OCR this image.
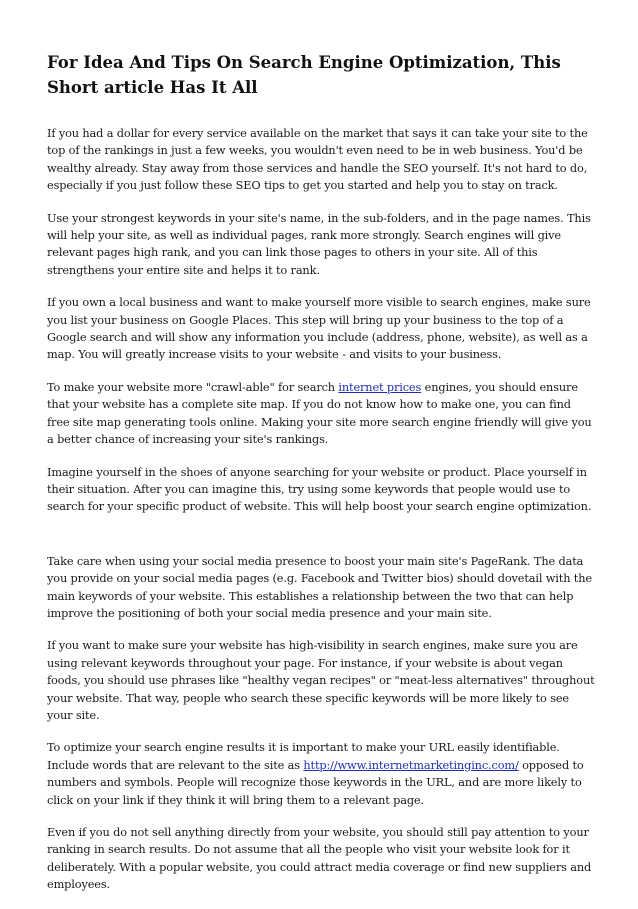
For Idea And Tips On Search Engine Optimization, This Short article Has It All

If you had a dollar for every service available on the market that says it can take your site to the top of the rankings in just a few weeks, you wouldn't even need to be in web business. You'd be wealthy already. Stay away from those services and handle the SEO yourself. It's not hard to do, especially if you just follow these SEO tips to get you started and help you to stay on track.

Use your strongest keywords in your site's name, in the sub-folders, and in the page names. This will help your site, as well as individual pages, rank more strongly. Search engines will give relevant pages high rank, and you can link those pages to others in your site. All of this strengthens your entire site and helps it to rank.

If you own a local business and want to make yourself more visible to search engines, make sure you list your business on Google Places. This step will bring up your business to the top of a Google search and will show any information you include (address, phone, website), as well as a map. You will greatly increase visits to your website - and visits to your business.

To make your website more "crawl-able" for search internet prices engines, you should ensure that your website has a complete site map. If you do not know how to make one, you can find free site map generating tools online. Making your site more search engine friendly will give you a better chance of increasing your site's rankings.

Imagine yourself in the shoes of anyone searching for your website or product. Place yourself in their situation. After you can imagine this, try using some keywords that people would use to search for your specific product of website. This will help boost your search engine optimization.

Take care when using your social media presence to boost your main site's PageRank. The data you provide on your social media pages (e.g. Facebook and Twitter bios) should dovetail with the main keywords of your website. This establishes a relationship between the two that can help improve the positioning of both your social media presence and your main site.

If you want to make sure your website has high-visibility in search engines, make sure you are using relevant keywords throughout your page. For instance, if your website is about vegan foods, you should use phrases like "healthy vegan recipes" or "meat-less alternatives" throughout your website. That way, people who search these specific keywords will be more likely to see your site.

To optimize your search engine results it is important to make your URL easily identifiable. Include words that are relevant to the site as http://www.internetmarketinginc.com/ opposed to numbers and symbols. People will recognize those keywords in the URL, and are more likely to click on your link if they think it will bring them to a relevant page.

Even if you do not sell anything directly from your website, you should still pay attention to your ranking in search results. Do not assume that all the people who visit your website look for it deliberately. With a popular website, you could attract media coverage or find new suppliers and employees.
